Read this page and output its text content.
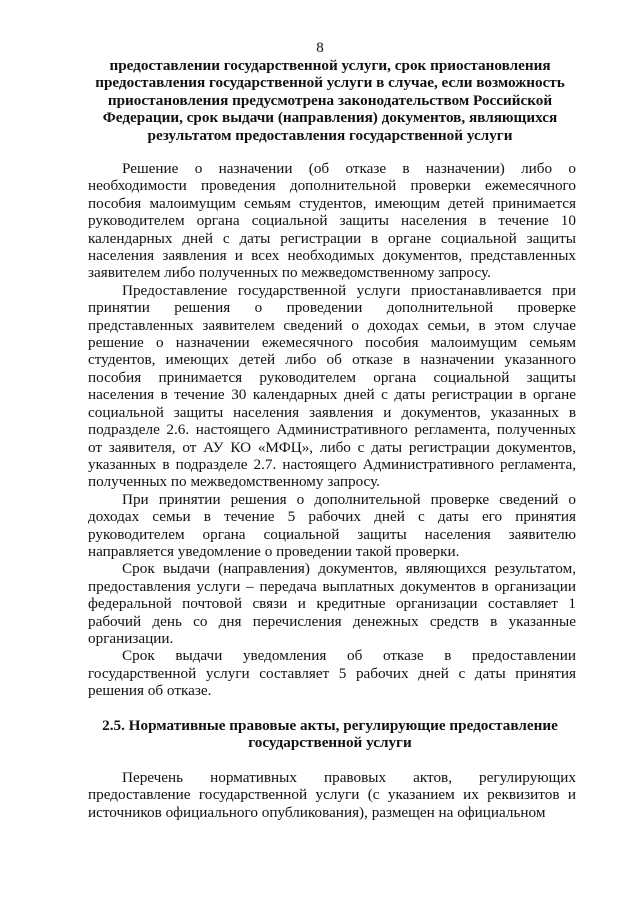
8
предоставлении государственной услуги, срок приостановления предоставления государственной услуги в случае, если возможность приостановления предусмотрена законодательством Российской Федерации, срок выдачи (направления) документов, являющихся результатом предоставления государственной услуги

Решение о назначении (об отказе в назначении) либо о необходимости проведения дополнительной проверки ежемесячного пособия малоимущим семьям студентов, имеющим детей принимается руководителем органа социальной защиты населения в течение 10 календарных дней с даты регистрации в органе социальной защиты населения заявления и всех необходимых документов, представленных заявителем либо полученных по межведомственному запросу.

Предоставление государственной услуги приостанавливается при принятии решения о проведении дополнительной проверке представленных заявителем сведений о доходах семьи, в этом случае решение о назначении ежемесячного пособия малоимущим семьям студентов, имеющих детей либо об отказе в назначении указанного пособия принимается руководителем органа социальной защиты населения в течение 30 календарных дней с даты регистрации в органе социальной защиты населения заявления и документов, указанных в подразделе 2.6. настоящего Административного регламента, полученных от заявителя, от АУ КО «МФЦ», либо с даты регистрации документов, указанных в подразделе 2.7. настоящего Административного регламента, полученных по межведомственному запросу.

При принятии решения о дополнительной проверке сведений о доходах семьи в течение 5 рабочих дней с даты его принятия руководителем органа социальной защиты населения заявителю направляется уведомление о проведении такой проверки.

Срок выдачи (направления) документов, являющихся результатом, предоставления услуги – передача выплатных документов в организации федеральной почтовой связи и кредитные организации составляет 1 рабочий день со дня перечисления денежных средств в указанные организации.

Срок выдачи уведомления об отказе в предоставлении государственной услуги составляет 5 рабочих дней с даты принятия решения об отказе.

2.5. Нормативные правовые акты, регулирующие предоставление государственной услуги

Перечень нормативных правовых актов, регулирующих предоставление государственной услуги (с указанием их реквизитов и источников официального опубликования), размещен на официальном
